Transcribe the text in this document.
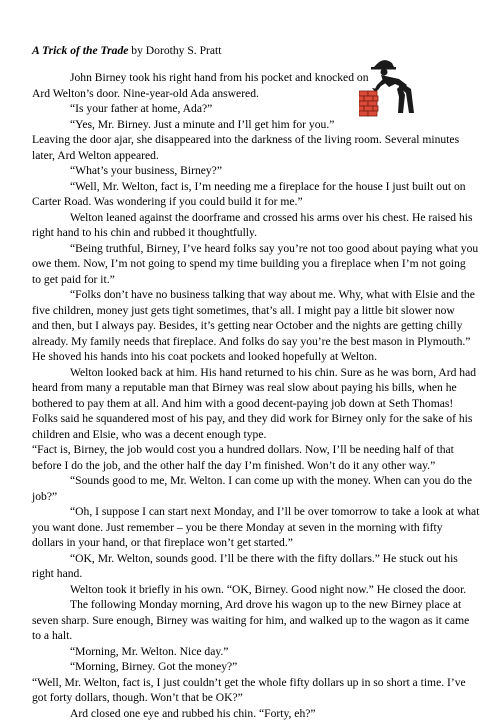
A Trick of the Trade by Dorothy S. Pratt
John Birney took his right hand from his pocket and knocked on
Ard Welton’s door. Nine-year-old Ada answered.
“Is your father at home, Ada?”
“Yes, Mr. Birney. Just a minute and I’ll get him for you.”
Leaving the door ajar, she disappeared into the darkness of the living room. Several minutes
later, Ard Welton appeared.
“What’s your business, Birney?”
“Well, Mr. Welton, fact is, I’m needing me a fireplace for the house I just built out on
Carter Road. Was wondering if you could build it for me.”
Welton leaned against the doorframe and crossed his arms over his chest. He raised his
right hand to his chin and rubbed it thoughtfully.
“Being truthful, Birney, I’ve heard folks say you’re not too good about paying what you
owe them. Now, I’m not going to spend my time building you a fireplace when I’m not going
to get paid for it.”
“Folks don’t have no business talking that way about me. Why, what with Elsie and the
five children, money just gets tight sometimes, that’s all. I might pay a little bit slower now
and then, but I always pay. Besides, it’s getting near October and the nights are getting chilly
already. My family needs that fireplace. And folks do say you’re the best mason in Plymouth.”
He shoved his hands into his coat pockets and looked hopefully at Welton.
Welton looked back at him. His hand returned to his chin. Sure as he was born, Ard had
heard from many a reputable man that Birney was real slow about paying his bills, when he
bothered to pay them at all. And him with a good decent-paying job down at Seth Thomas!
Folks said he squandered most of his pay, and they did work for Birney only for the sake of his
children and Elsie, who was a decent enough type.
“Fact is, Birney, the job would cost you a hundred dollars. Now, I’ll be needing half of that
before I do the job, and the other half the day I’m finished. Won’t do it any other way.”
“Sounds good to me, Mr. Welton. I can come up with the money. When can you do the
job?”
“Oh, I suppose I can start next Monday, and I’ll be over tomorrow to take a look at what
you want done. Just remember – you be there Monday at seven in the morning with fifty
dollars in your hand, or that fireplace won’t get started.”
“OK, Mr. Welton, sounds good. I’ll be there with the fifty dollars.” He stuck out his
right hand.
Welton took it briefly in his own. “OK, Birney. Good night now.” He closed the door.
The following Monday morning, Ard drove his wagon up to the new Birney place at
seven sharp. Sure enough, Birney was waiting for him, and walked up to the wagon as it came
to a halt.
“Morning, Mr. Welton. Nice day.”
“Morning, Birney. Got the money?”
“Well, Mr. Welton, fact is, I just couldn’t get the whole fifty dollars up in so short a time. I’ve
got forty dollars, though. Won’t that be OK?”
Ard closed one eye and rubbed his chin. “Forty, eh?”
